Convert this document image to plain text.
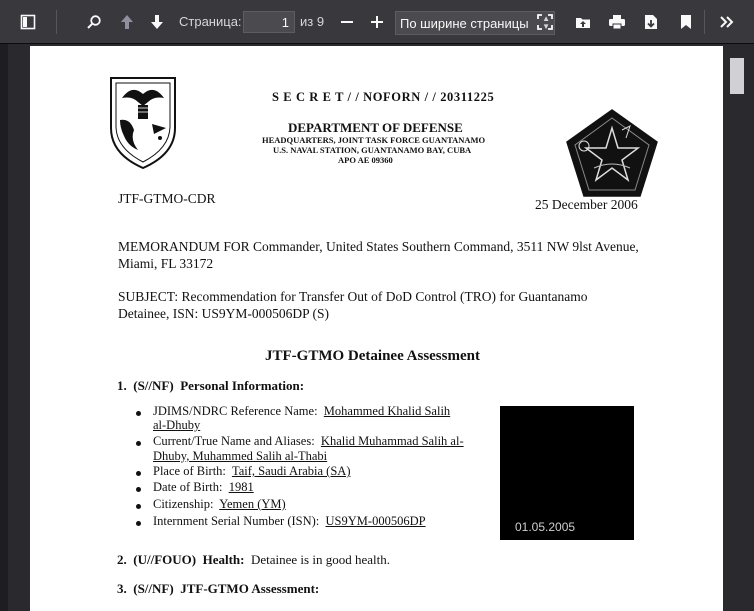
Страница:
1	из 9	По ширине страницы ▲
▼
S E C R E T / / NOFORN / / 20311225
DEPARTMENT OF DEFENSE
HEADQUARTERS, JOINT TASK FORCE GUANTANAMO
U.S. NAVAL STATION, GUANTANAMO BAY, CUBA
APO AE 09360
JTF-GTMO-CDR	25 December 2006
MEMORANDUM FOR Commander, United States Southern Command, 3511 NW 9lst Avenue,
Miami, FL 33172
SUBJECT: Recommendation for Transfer Out of DoD Control (TRO) for Guantanamo
Detainee, ISN: US9YM-000506DP (S)
JTF-GTMO Detainee Assessment
1. (S//NF) Personal Information:
JDIMS/NDRC Reference Name: Mohammed Khalid Salih
al-Dhuby
Current/True Name and Aliases: Khalid Muhammad Salih al-
Dhuby, Muhammed Salih al-Thabi
Place of Birth: Taif, Saudi Arabia (SA)
Date of Birth: 1981
Citizenship: Yemen (YM)
Internment Serial Number (ISN): US9YM-000506DP	01.05.2005
2. (U//FOUO) Health: Detainee is in good health.
3. (S//NF) JTF-GTMO Assessment:
